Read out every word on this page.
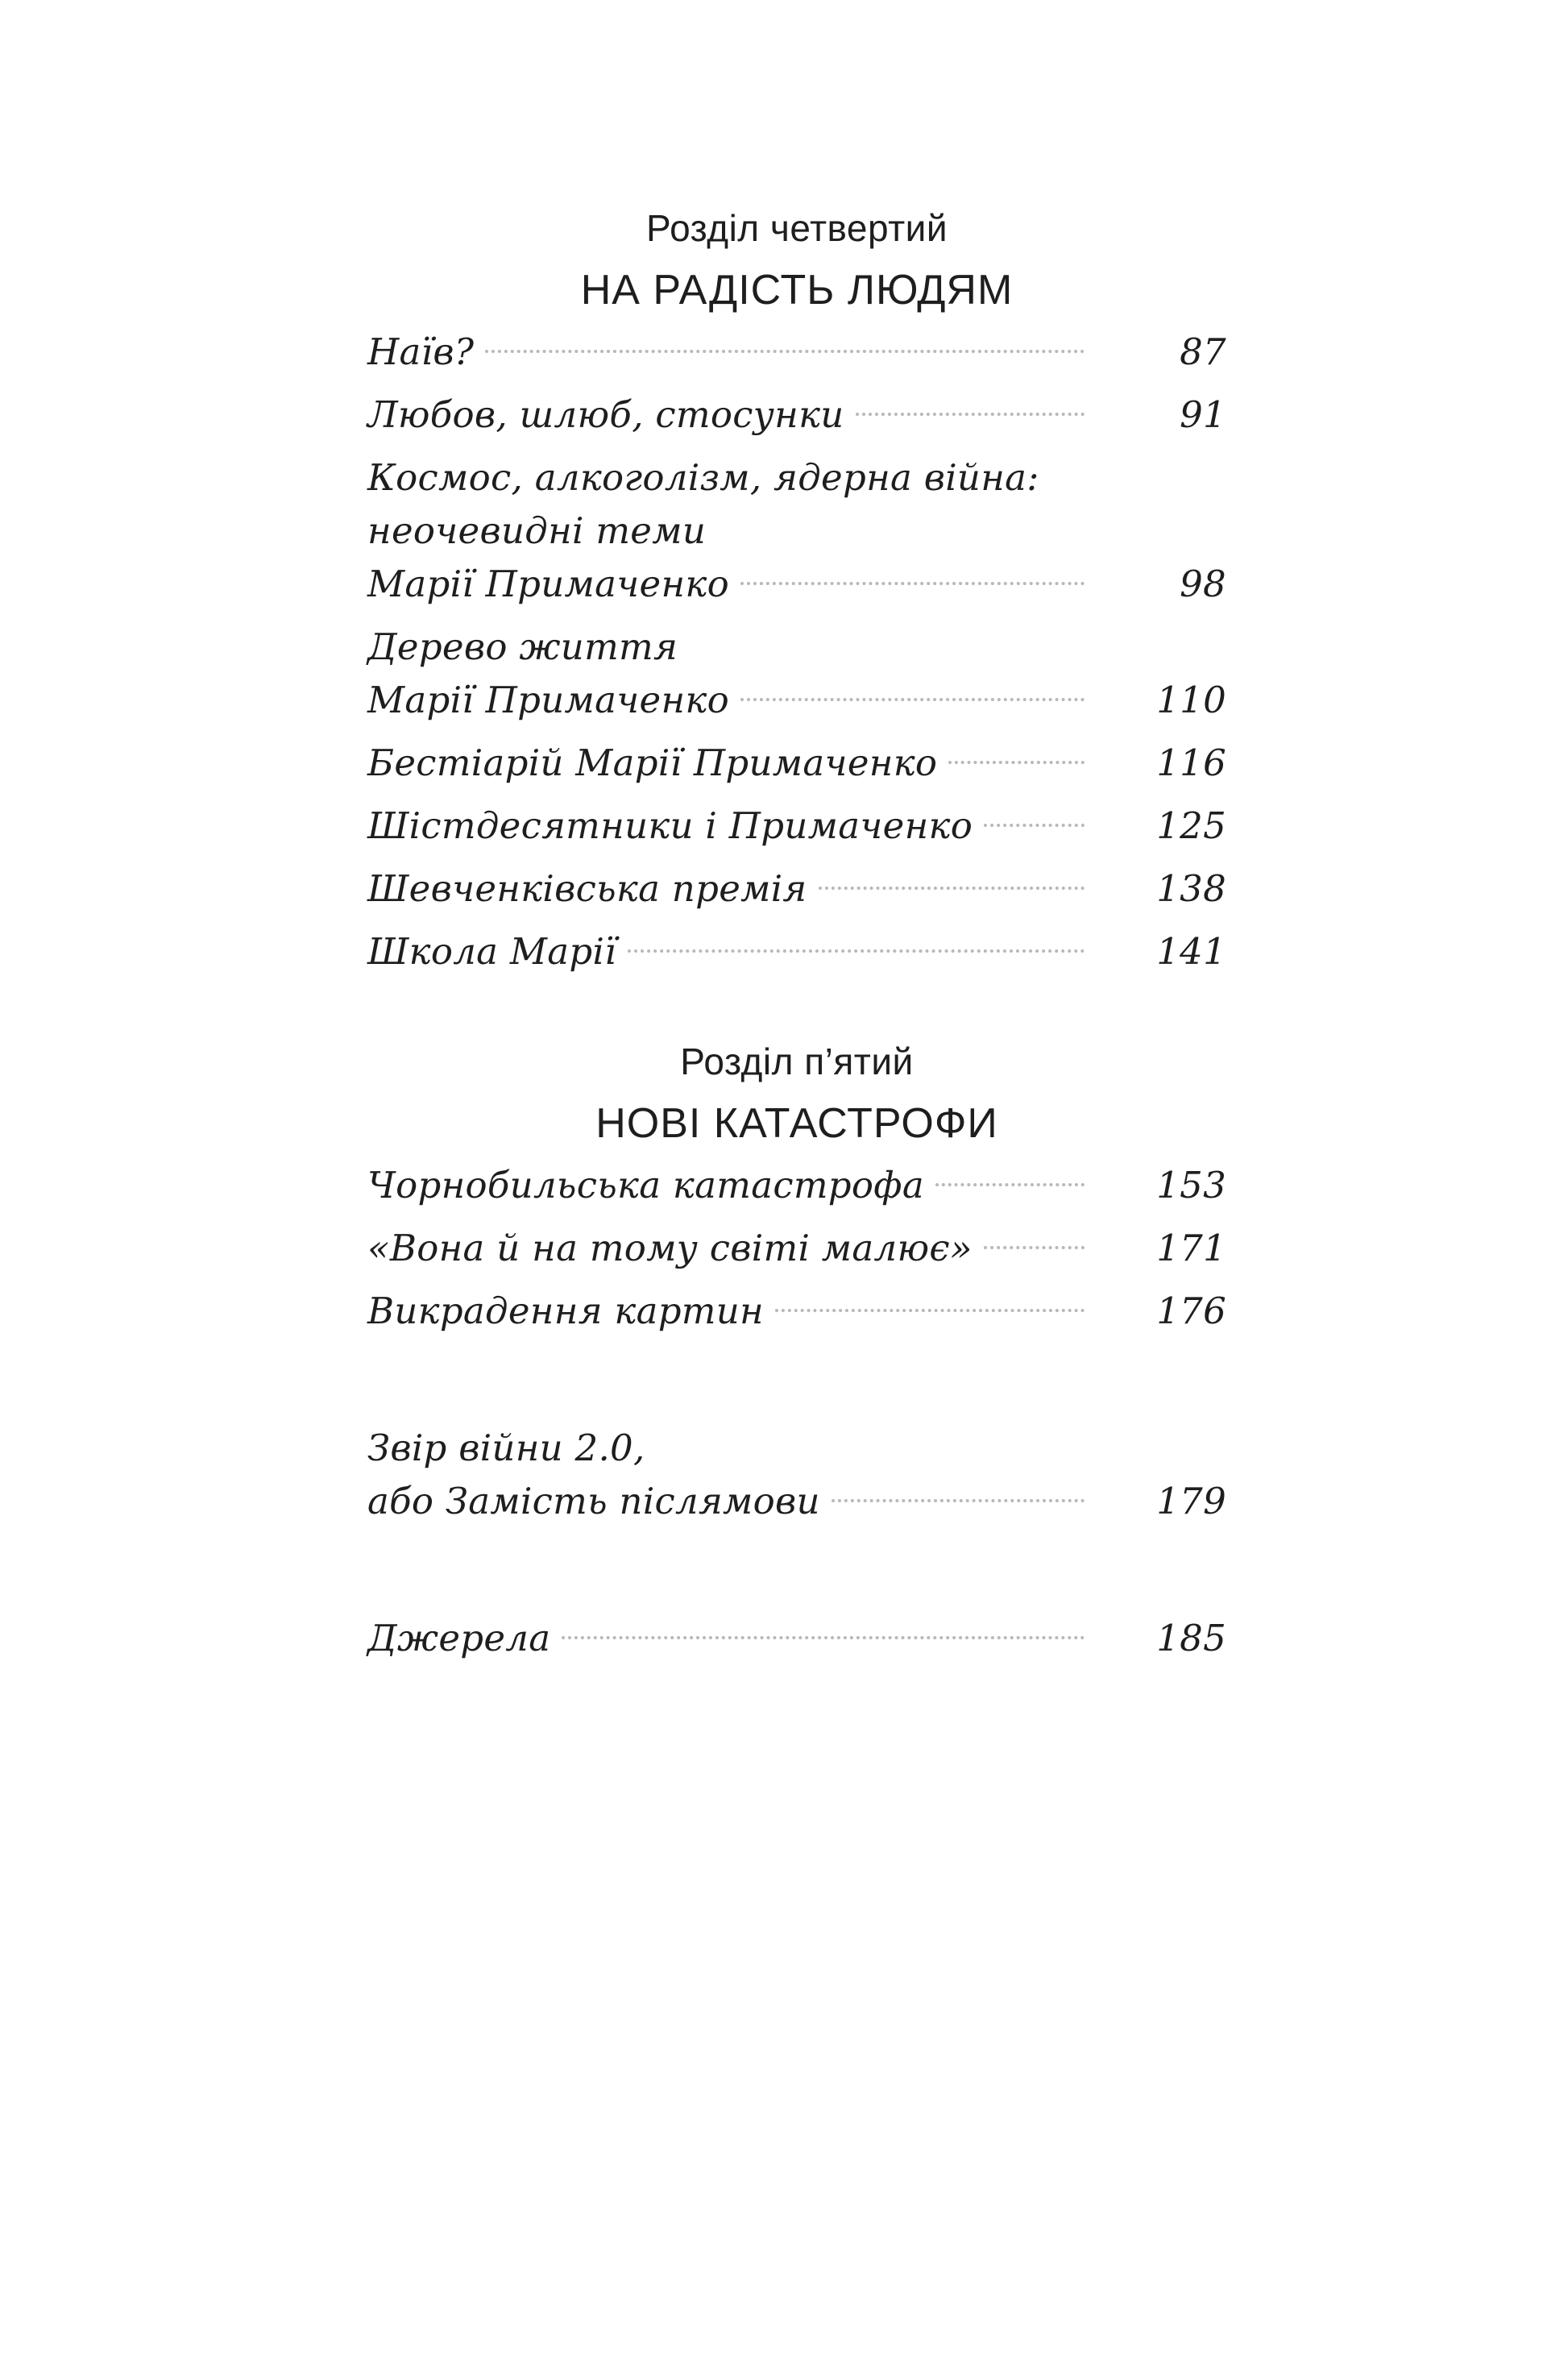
Розділ четвертий
НА РАДІСТЬ ЛЮДЯМ
Наїв?	87
Любов, шлюб, стосунки	91
Космос, алкоголізм, ядерна війна:
неочевидні теми
Марії Примаченко	98
Дерево життя
Марії Примаченко	110
Бестіарій Марії Примаченко	116
Шістдесятники і Примаченко	125
Шевченківська премія	138
Школа Марії	141
Розділ п’ятий
НОВІ КАТАСТРОФИ
Чорнобильська катастрофа	153
«Вона й на тому світі малює»	171
Викрадення картин	176
Звір війни 2.0,
або Замість післямови	179
Джерела	185
